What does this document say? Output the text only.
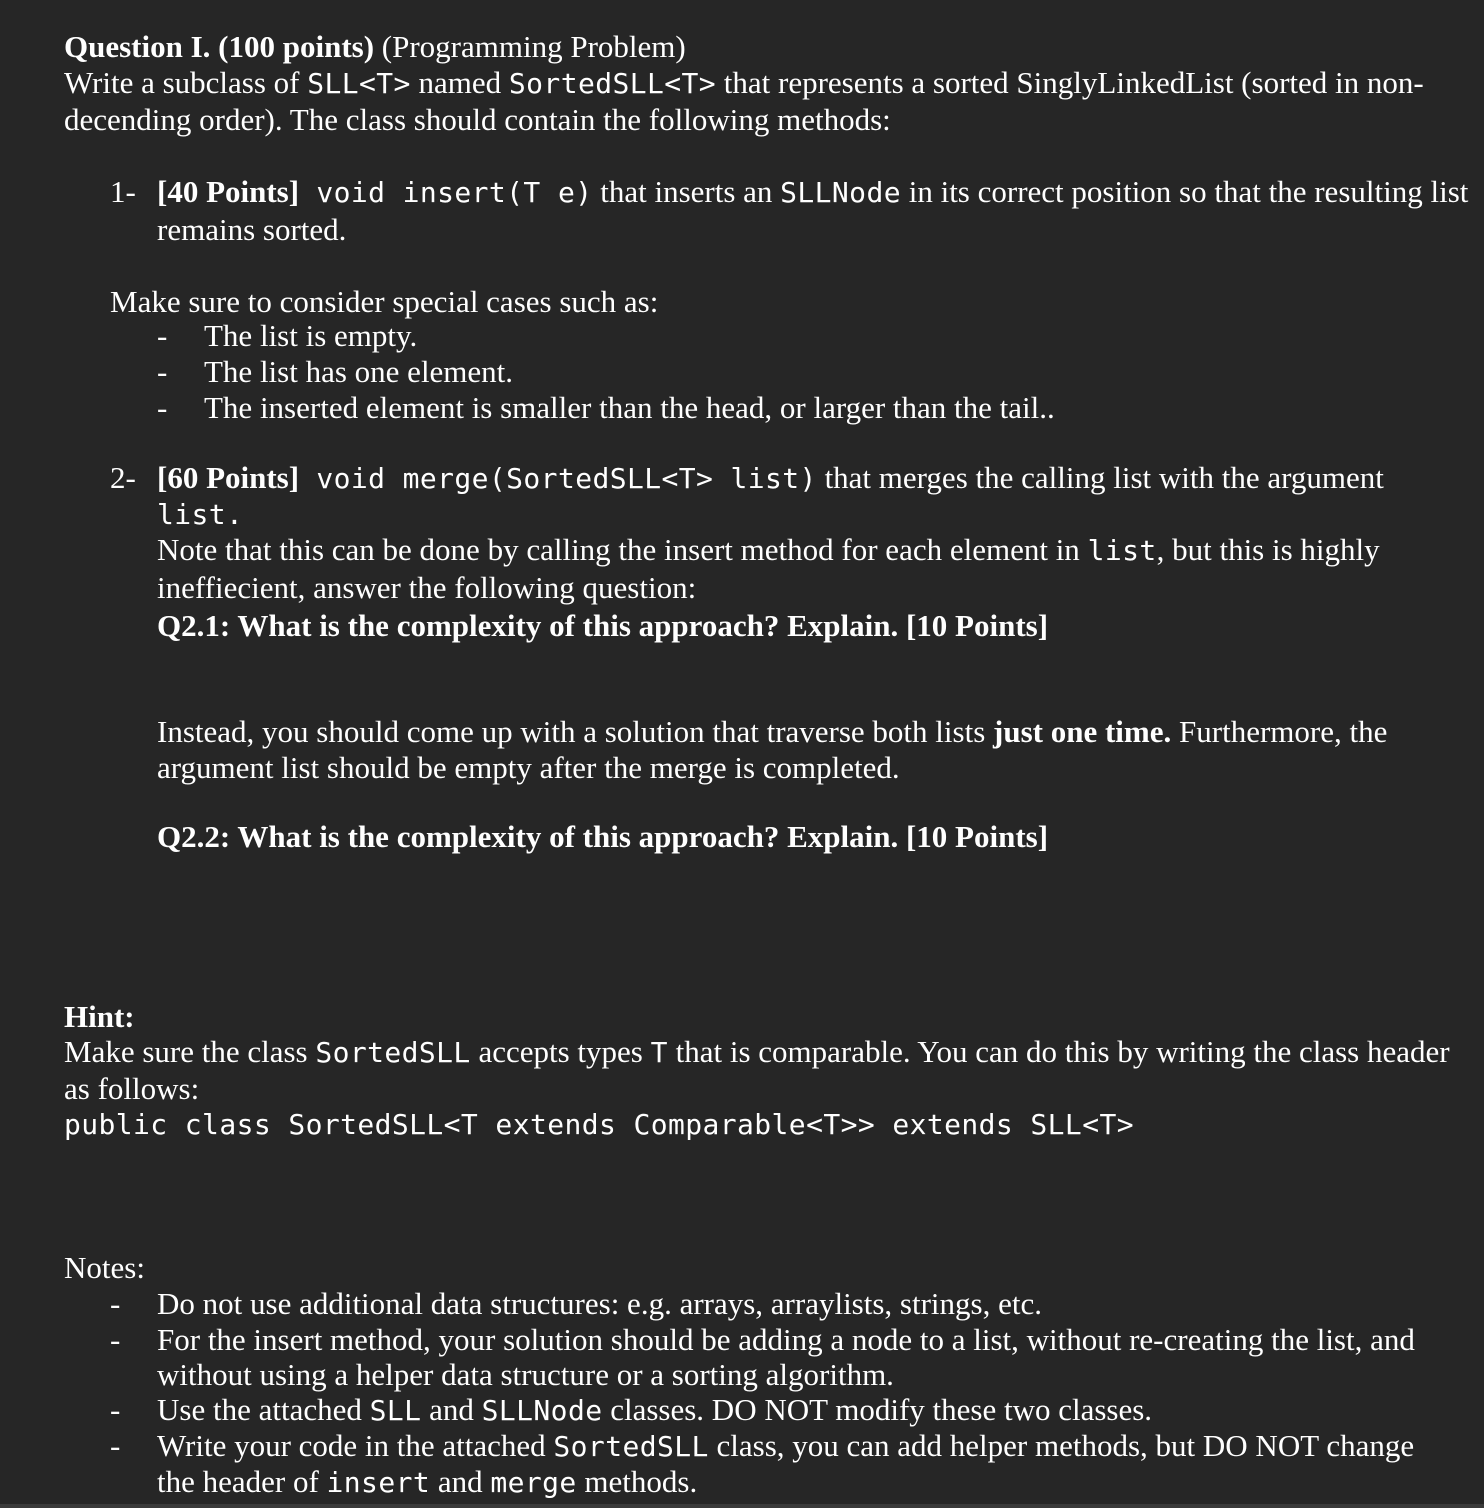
Question I. (100 points) (Programming Problem)
Write a subclass of SLL<T> named SortedSLL<T> that represents a sorted SinglyLinkedList (sorted in non-
decending order). The class should contain the following methods:
1- [40 Points] void insert(T e) that inserts an SLLNode in its correct position so that the resulting list
remains sorted.
Make sure to consider special cases such as:
- The list is empty.
- The list has one element.
- The inserted element is smaller than the head, or larger than the tail..
2- [60 Points] void merge(SortedSLL<T> list) that merges the calling list with the argument
list.
Note that this can be done by calling the insert method for each element in list, but this is highly
ineffiecient, answer the following question:
Q2.1: What is the complexity of this approach? Explain. [10 Points]
Instead, you should come up with a solution that traverse both lists just one time. Furthermore, the
argument list should be empty after the merge is completed.
Q2.2: What is the complexity of this approach? Explain. [10 Points]
Hint:
Make sure the class SortedSLL accepts types T that is comparable. You can do this by writing the class header
as follows:
public class SortedSLL<T extends Comparable<T>> extends SLL<T>
Notes:
- Do not use additional data structures: e.g. arrays, arraylists, strings, etc.
- For the insert method, your solution should be adding a node to a list, without re-creating the list, and
without using a helper data structure or a sorting algorithm.
- Use the attached SLL and SLLNode classes. DO NOT modify these two classes.
- Write your code in the attached SortedSLL class, you can add helper methods, but DO NOT change
the header of insert and merge methods.
